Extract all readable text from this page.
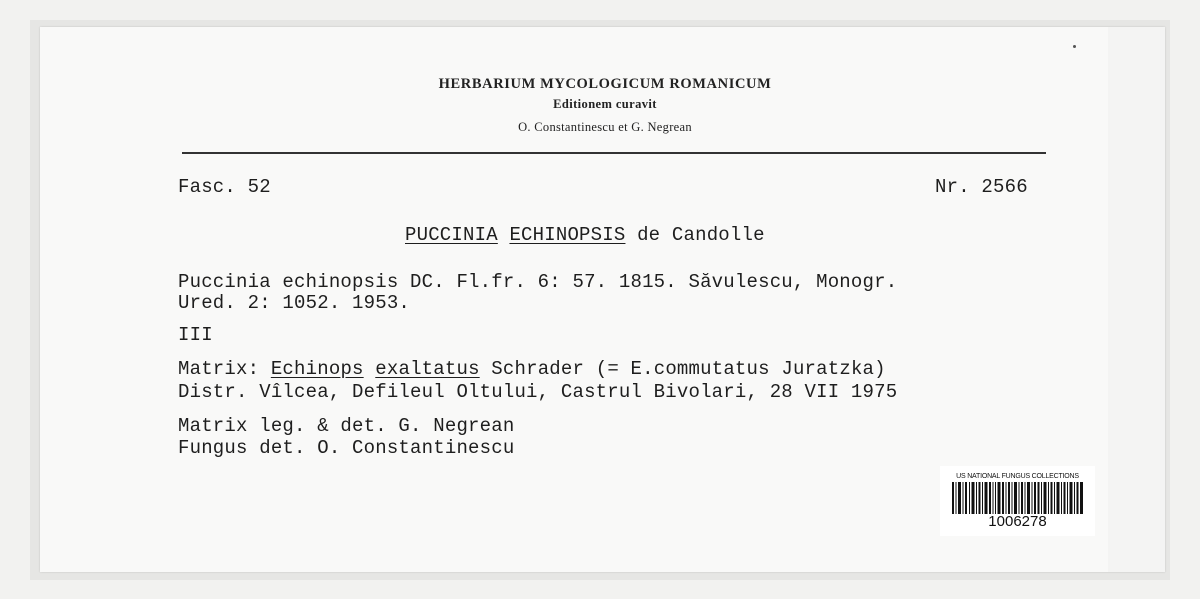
HERBARIUM MYCOLOGICUM ROMANICUM
Editionem curavit
O. Constantinescu et G. Negrean
Fasc. 52	Nr. 2566
PUCCINIA ECHINOPSIS de Candolle
Puccinia echinopsis DC. Fl.fr. 6: 57. 1815. Săvulescu, Monogr.
Ured. 2: 1052. 1953.
III
Matrix: Echinops exaltatus Schrader (= E.commutatus Juratzka)
Distr. Vîlcea, Defileul Oltului, Castrul Bivolari, 28 VII 1975
Matrix leg. & det. G. Negrean
Fungus det. O. Constantinescu
US NATIONAL FUNGUS COLLECTIONS
1006278
